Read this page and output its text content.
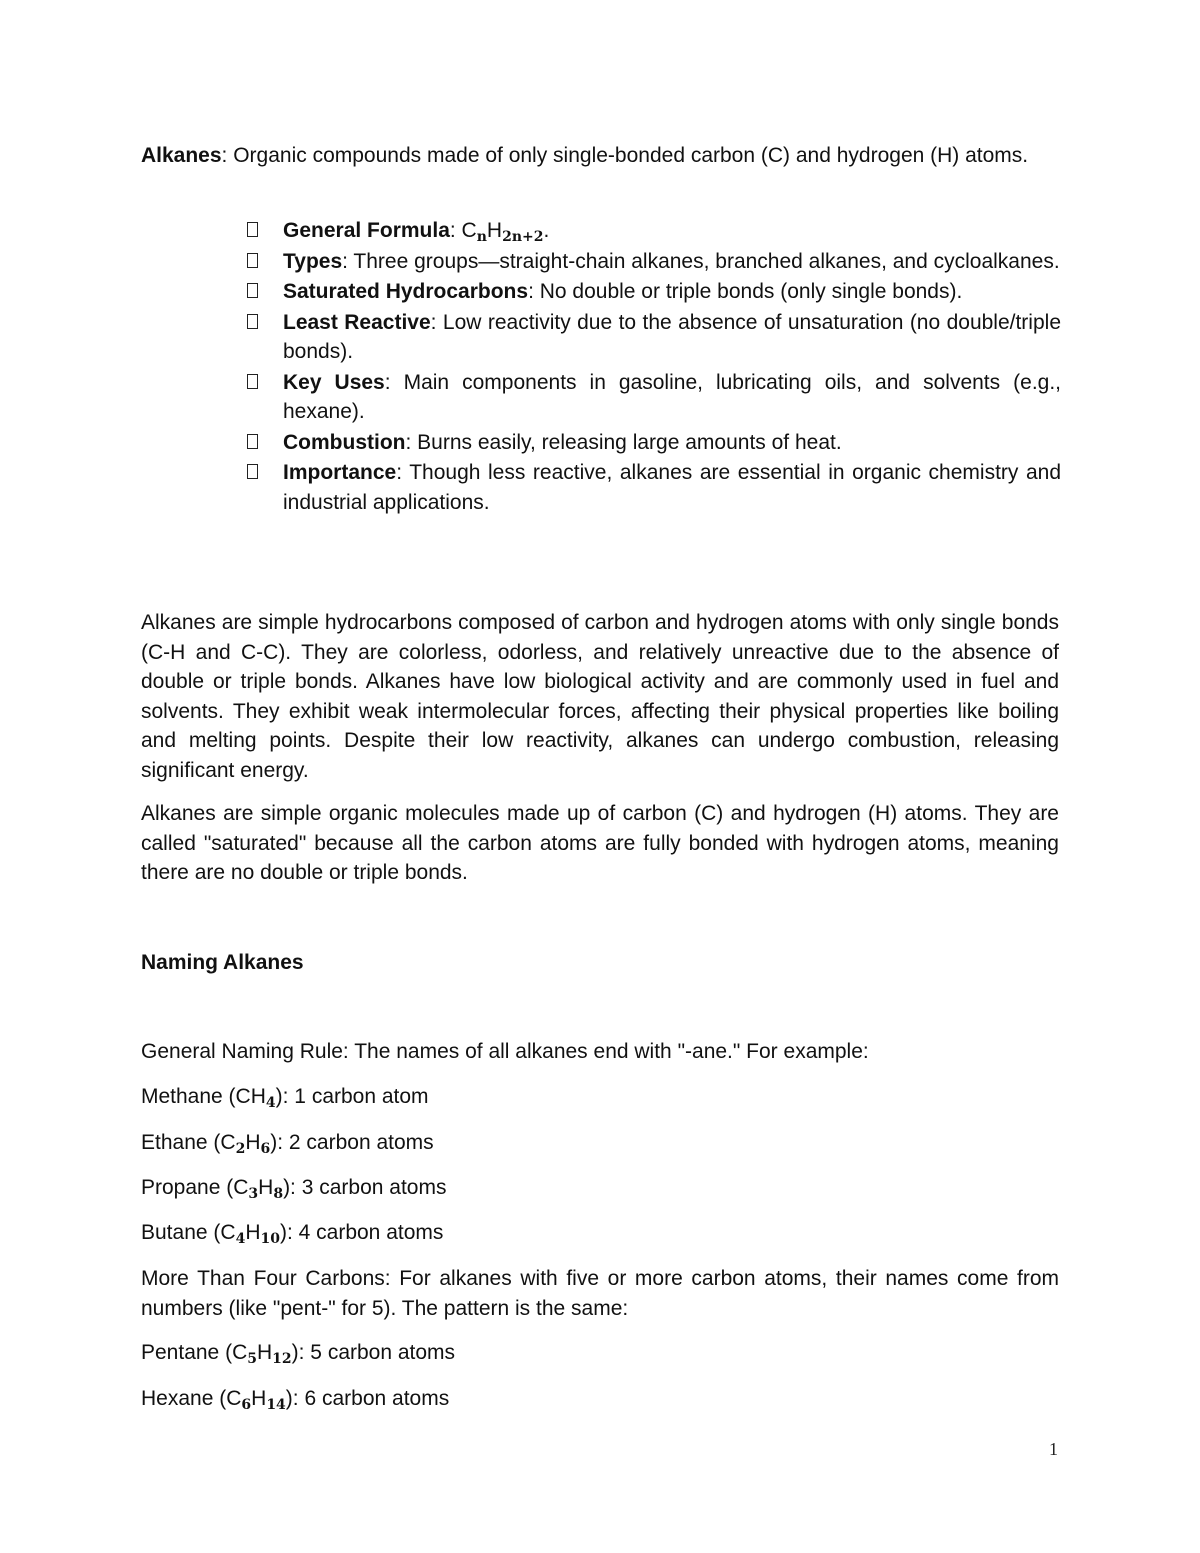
Alkanes: Organic compounds made of only single-bonded carbon (C) and hydrogen (H) atoms.

General Formula: $C_nH_{2n+2}$.
Types: Three groups—straight-chain alkanes, branched alkanes, and cycloalkanes.
Saturated Hydrocarbons: No double or triple bonds (only single bonds).
Least Reactive: Low reactivity due to the absence of unsaturation (no double/triple bonds).
Key Uses: Main components in gasoline, lubricating oils, and solvents (e.g., hexane).
Combustion: Burns easily, releasing large amounts of heat.
Importance: Though less reactive, alkanes are essential in organic chemistry and industrial applications.

Alkanes are simple hydrocarbons composed of carbon and hydrogen atoms with only single bonds (C-H and C-C). They are colorless, odorless, and relatively unreactive due to the absence of double or triple bonds. Alkanes have low biological activity and are commonly used in fuel and solvents. They exhibit weak intermolecular forces, affecting their physical properties like boiling and melting points. Despite their low reactivity, alkanes can undergo combustion, releasing significant energy.

Alkanes are simple organic molecules made up of carbon (C) and hydrogen (H) atoms. They are called "saturated" because all the carbon atoms are fully bonded with hydrogen atoms, meaning there are no double or triple bonds.

Naming Alkanes

General Naming Rule: The names of all alkanes end with "-ane." For example:

Methane $(CH_4)$: 1 carbon atom

Ethane $(C_2H_6)$: 2 carbon atoms

Propane $(C_3H_8)$: 3 carbon atoms

Butane $(C_4H_{10})$: 4 carbon atoms

More Than Four Carbons: For alkanes with five or more carbon atoms, their names come from numbers (like "pent-" for 5). The pattern is the same:

Pentane $(C_5H_{12})$: 5 carbon atoms

Hexane $(C_6H_{14})$: 6 carbon atoms

1
